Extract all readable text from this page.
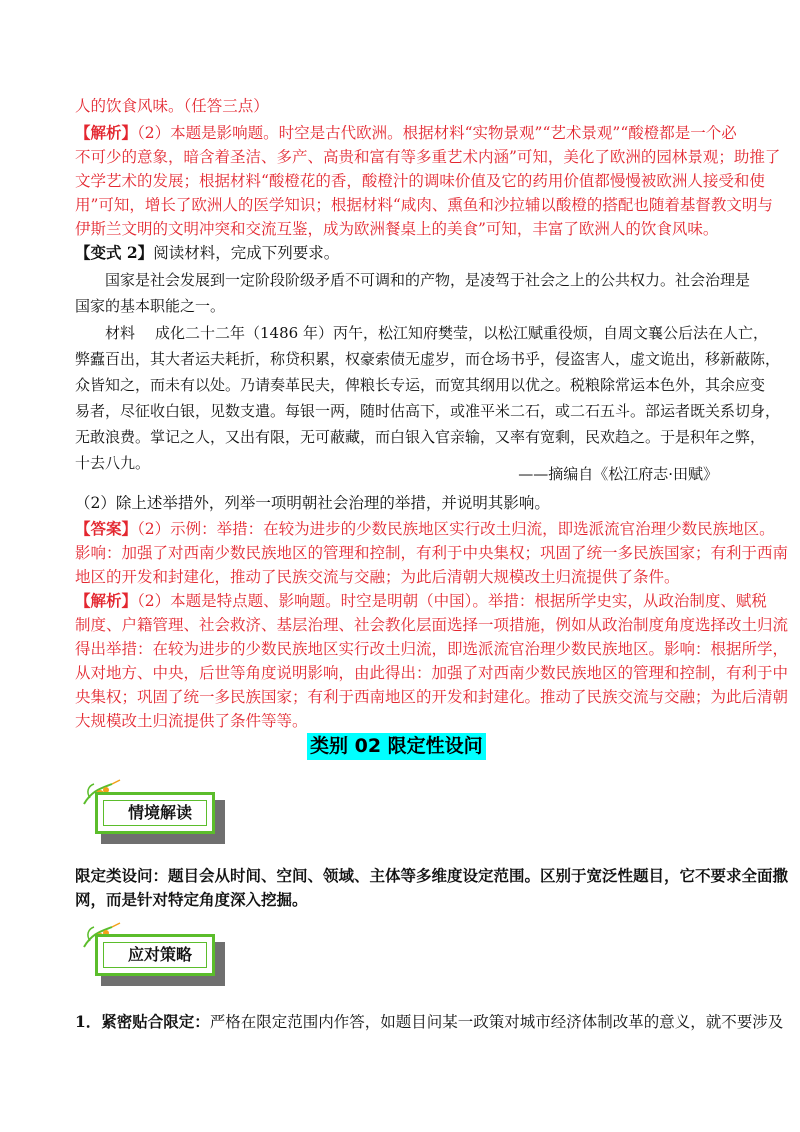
人的饮食风味。（任答三点）
【解析】（2）本题是影响题。时空是古代欧洲。根据材料“实物景观”“艺术景观”“酸橙都是一个必
不可少的意象，暗含着圣洁、多产、高贵和富有等多重艺术内涵”可知，美化了欧洲的园林景观；助推了
文学艺术的发展；根据材料“酸橙花的香，酸橙汁的调味价值及它的药用价值都慢慢被欧洲人接受和使
用”可知，增长了欧洲人的医学知识；根据材料“咸肉、熏鱼和沙拉辅以酸橙的搭配也随着基督教文明与
伊斯兰文明的文明冲突和交流互鉴，成为欧洲餐桌上的美食”可知，丰富了欧洲人的饮食风味。
【变式 2】阅读材料，完成下列要求。
国家是社会发展到一定阶段阶级矛盾不可调和的产物，是凌驾于社会之上的公共权力。社会治理是
国家的基本职能之一。
材料 成化二十二年（1486 年）丙午，松江知府樊莹，以松江赋重役烦，自周文襄公后法在人亡，
弊蠹百出，其大者运夫耗折，称贷积累，权豪索债无虚岁，而仓场书乎，侵盗害人，虚文诡出，移新蔽陈，
众皆知之，而未有以处。乃请奏革民夫，俾粮长专运，而宽其纲用以优之。税粮除常运本色外，其余应变
易者，尽征收白银，见数支遣。每银一两，随时估高下，或准平米二石，或二石五斗。部运者既关系切身，
无敢浪费。掌记之人，又出有限，无可蔽藏，而白银入官亲输，又率有宽剩，民欢趋之。于是积年之弊，
十去八九。
——摘编自《松江府志·田赋》
（2）除上述举措外，列举一项明朝社会治理的举措，并说明其影响。
【答案】（2）示例：举措：在较为进步的少数民族地区实行改土归流，即选派流官治理少数民族地区。
影响：加强了对西南少数民族地区的管理和控制，有利于中央集权；巩固了统一多民族国家；有利于西南
地区的开发和封建化，推动了民族交流与交融；为此后清朝大规模改土归流提供了条件。
【解析】（2）本题是特点题、影响题。时空是明朝（中国）。举措：根据所学史实，从政治制度、赋税
制度、户籍管理、社会救济、基层治理、社会教化层面选择一项措施，例如从政治制度角度选择改土归流
得出举措：在较为进步的少数民族地区实行改土归流，即选派流官治理少数民族地区。影响：根据所学，
从对地方、中央，后世等角度说明影响，由此得出：加强了对西南少数民族地区的管理和控制，有利于中
央集权；巩固了统一多民族国家；有利于西南地区的开发和封建化。推动了民族交流与交融；为此后清朝
大规模改土归流提供了条件等等。
类别 02 限定性设问
情境解读
限定类设问：题目会从时间、空间、领域、主体等多维度设定范围。区别于宽泛性题目，它不要求全面撒
网，而是针对特定角度深入挖掘。
应对策略
1．紧密贴合限定：严格在限定范围内作答，如题目问某一政策对城市经济体制改革的意义，就不要涉及
